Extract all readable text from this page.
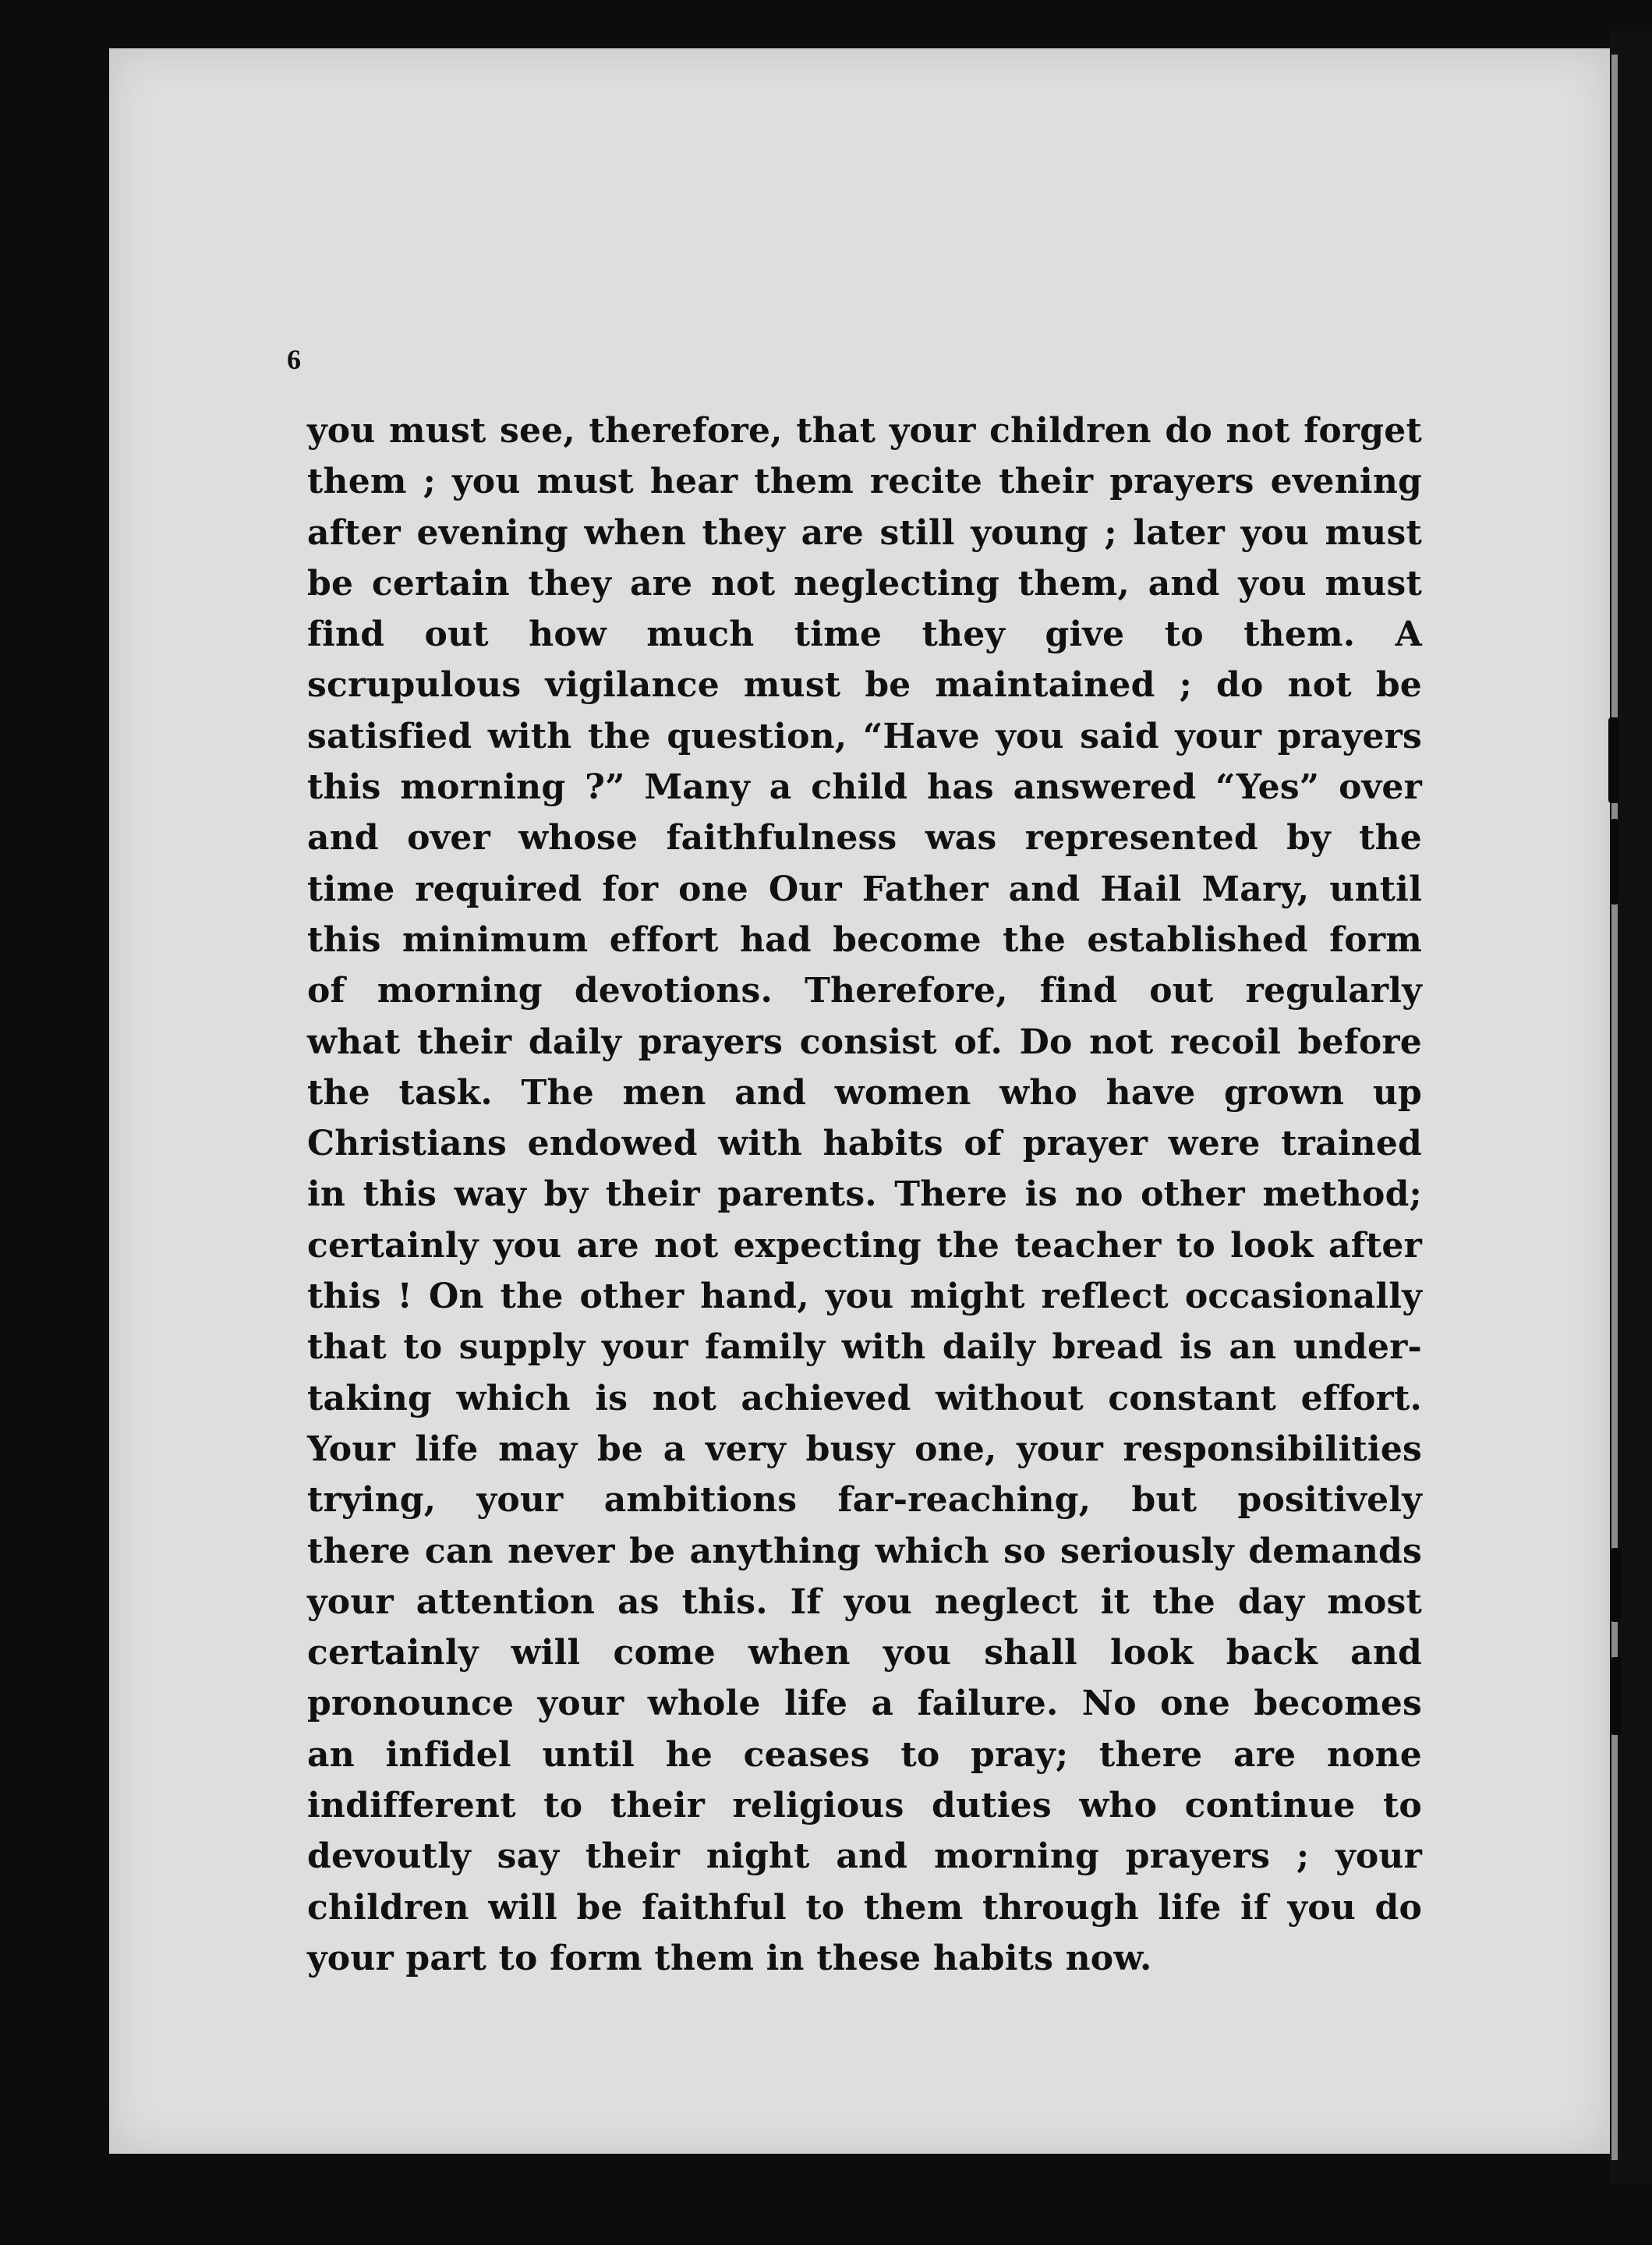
6
you must see, therefore, that your children do not forget
them ; you must hear them recite their prayers evening
after evening when they are still young ; later you must
be certain they are not neglecting them, and you must
find out how much time they give to them. A
scrupulous vigilance must be maintained ; do not be
satisfied with the question, “Have you said your prayers
this morning ?” Many a child has answered “Yes” over
and over whose faithfulness was represented by the
time required for one Our Father and Hail Mary, until
this minimum effort had become the established form
of morning devotions. Therefore, find out regularly
what their daily prayers consist of. Do not recoil before
the task. The men and women who have grown up
Christians endowed with habits of prayer were trained
in this way by their parents. There is no other method;
certainly you are not expecting the teacher to look after
this ! On the other hand, you might reflect occasionally
that to supply your family with daily bread is an under-
taking which is not achieved without constant effort.
Your life may be a very busy one, your responsibilities
trying, your ambitions far-reaching, but positively
there can never be anything which so seriously demands
your attention as this. If you neglect it the day most
certainly will come when you shall look back and
pronounce your whole life a failure. No one becomes
an infidel until he ceases to pray; there are none
indifferent to their religious duties who continue to
devoutly say their night and morning prayers ; your
children will be faithful to them through life if you do
your part to form them in these habits now.
